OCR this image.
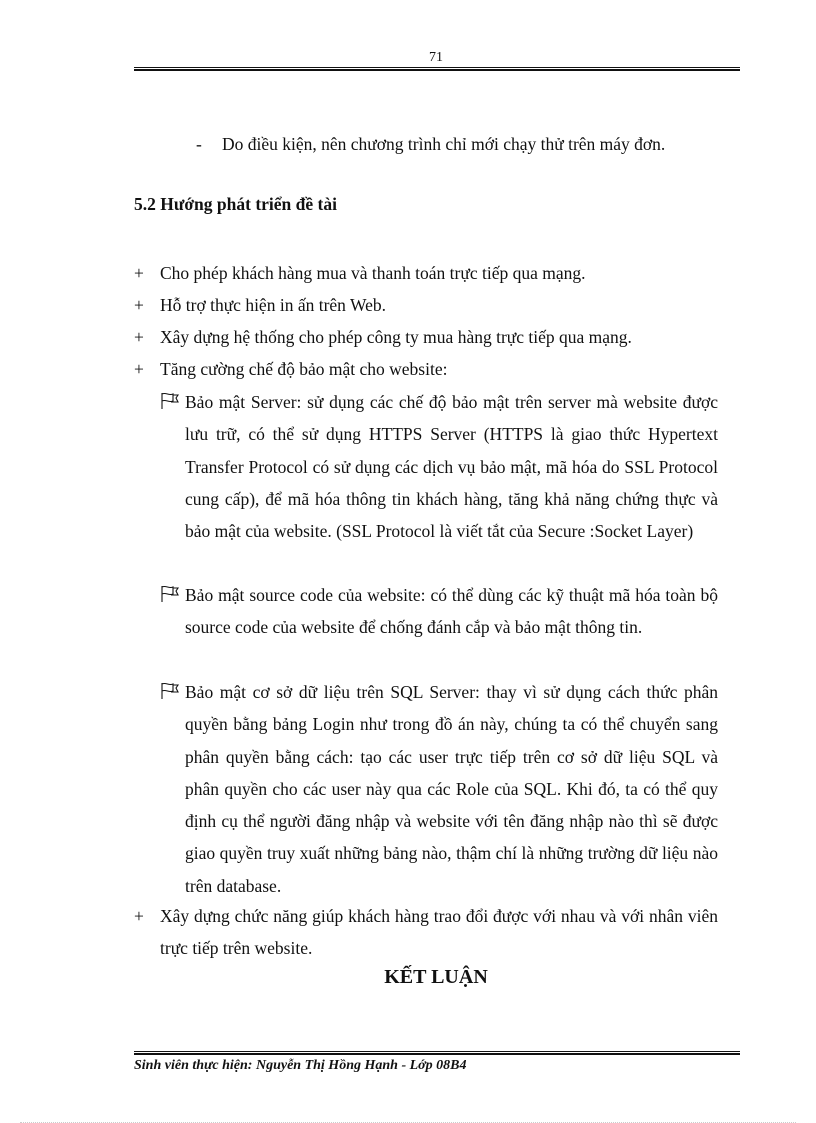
71
- Do điều kiện, nên chương trình chỉ mới chạy thử trên máy đơn.
5.2 Hướng phát triển đề tài
+ Cho phép khách hàng mua và thanh toán trực tiếp qua mạng.
+ Hỗ trợ thực hiện in ấn trên Web.
+ Xây dựng hệ thống cho phép công ty mua hàng trực tiếp qua mạng.
+ Tăng cường chế độ bảo mật cho website:
Bảo mật Server: sử dụng các chế độ bảo mật trên server mà website được lưu trữ, có thể sử dụng HTTPS Server (HTTPS là giao thức Hypertext Transfer Protocol có sử dụng các dịch vụ bảo mật, mã hóa do SSL Protocol cung cấp), để mã hóa thông tin khách hàng, tăng khả năng chứng thực và bảo mật của website. (SSL Protocol là viết tắt của Secure :Socket Layer)
Bảo mật source code của website: có thể dùng các kỹ thuật mã hóa toàn bộ source code của website để chống đánh cắp và bảo mật thông tin.
Bảo mật cơ sở dữ liệu trên SQL Server: thay vì sử dụng cách thức phân quyền bằng bảng Login như trong đồ án này, chúng ta có thể chuyển sang phân quyền bằng cách: tạo các user trực tiếp trên cơ sở dữ liệu SQL và phân quyền cho các user này qua các Role của SQL. Khi đó, ta có thể quy định cụ thể người đăng nhập và website với tên đăng nhập nào thì sẽ được giao quyền truy xuất những bảng nào, thậm chí là những trường dữ liệu nào trên database.
+ Xây dựng chức năng giúp khách hàng trao đổi được với nhau và với nhân viên trực tiếp trên website.
KẾT LUẬN
Sinh viên thực hiện: Nguyễn Thị Hồng Hạnh - Lớp 08B4
